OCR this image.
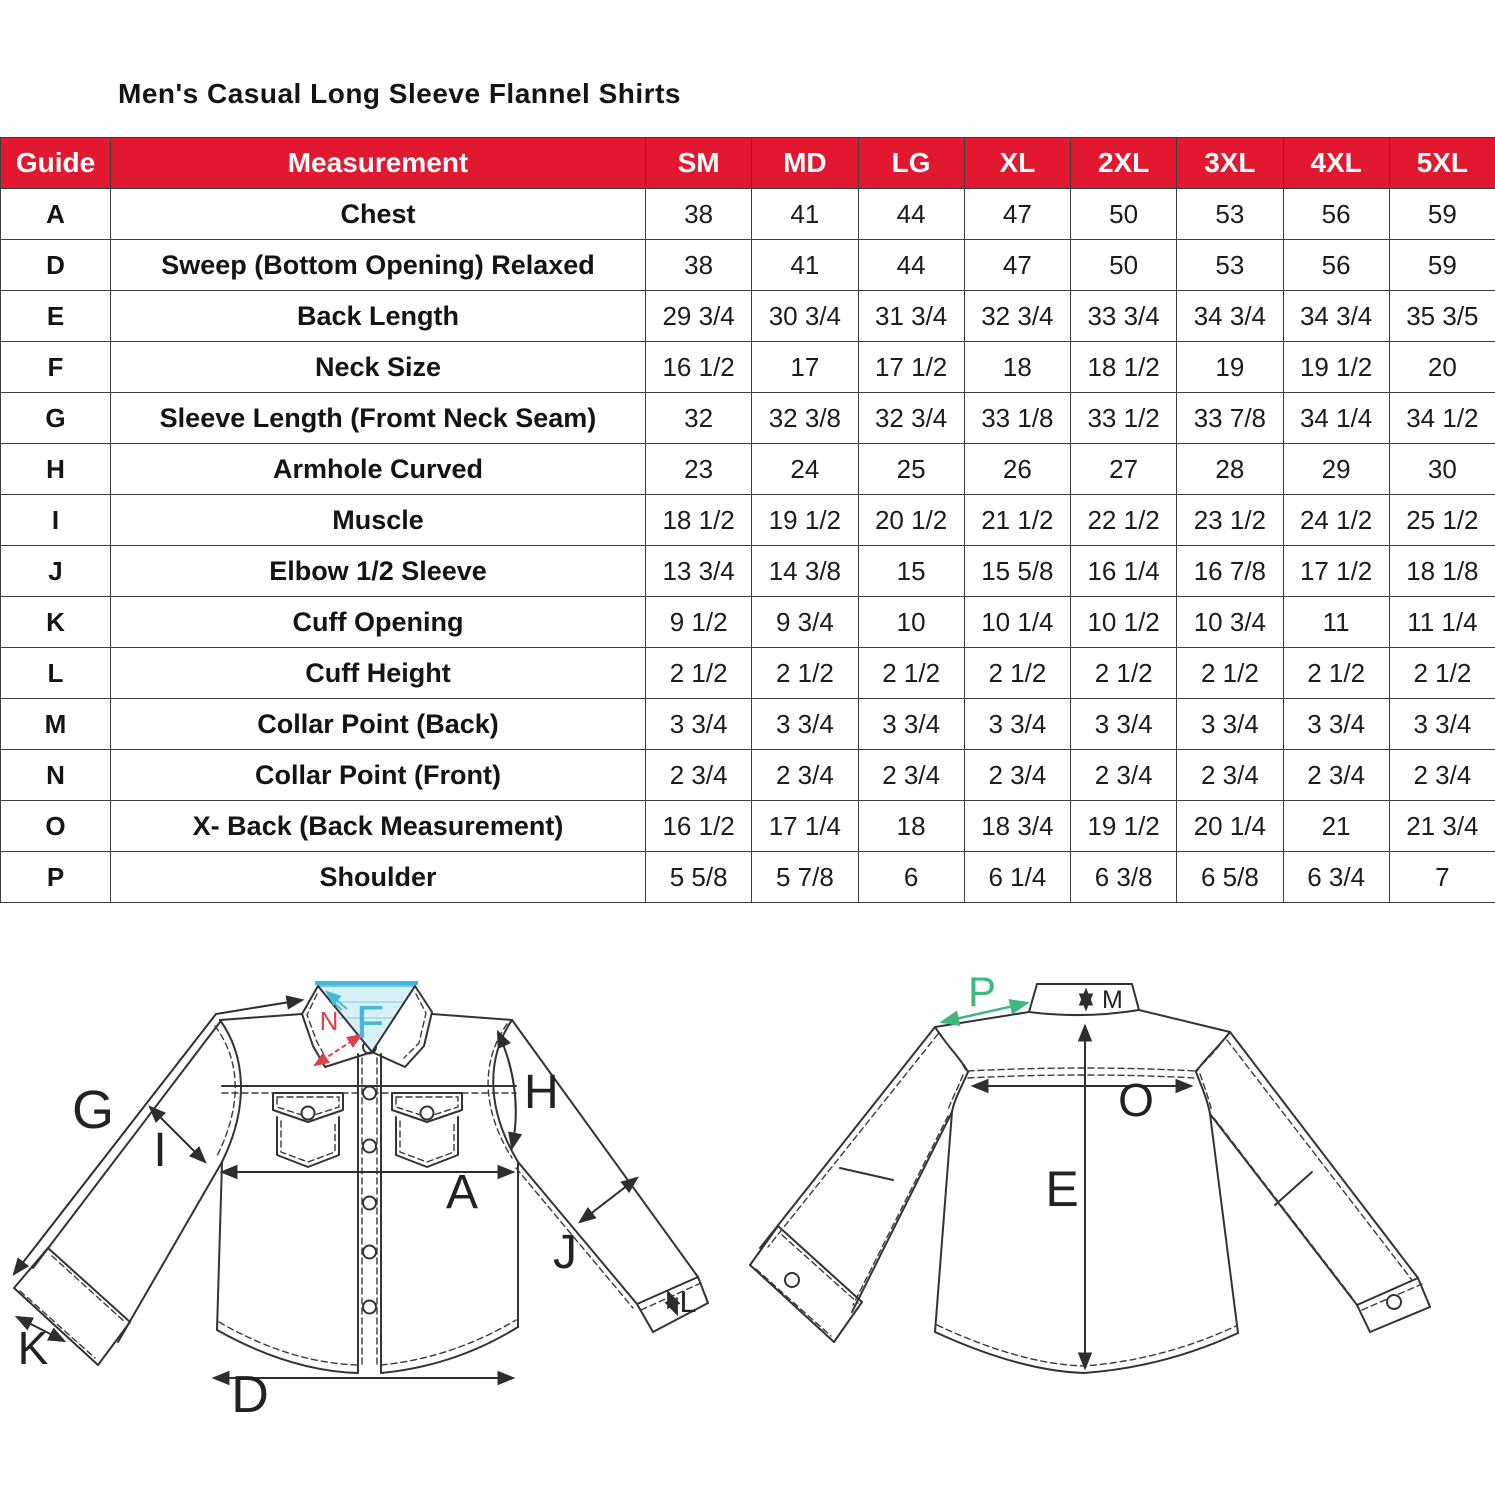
Men's Casual Long Sleeve Flannel Shirts
Guide	Measurement	SM	MD	LG	XL	2XL	3XL	4XL	5XL
A	Chest	38	41	44	47	50	53	56	59
D	Sweep (Bottom Opening) Relaxed	38	41	44	47	50	53	56	59
E	Back Length	29 3/4	30 3/4	31 3/4	32 3/4	33 3/4	34 3/4	34 3/4	35 3/5
F	Neck Size	16 1/2	17	17 1/2	18	18 1/2	19	19 1/2	20
G	Sleeve Length (Fromt Neck Seam)	32	32 3/8	32 3/4	33 1/8	33 1/2	33 7/8	34 1/4	34 1/2
H	Armhole Curved	23	24	25	26	27	28	29	30
I	Muscle	18 1/2	19 1/2	20 1/2	21 1/2	22 1/2	23 1/2	24 1/2	25 1/2
J	Elbow 1/2 Sleeve	13 3/4	14 3/8	15	15 5/8	16 1/4	16 7/8	17 1/2	18 1/8
K	Cuff Opening	9 1/2	9 3/4	10	10 1/4	10 1/2	10 3/4	11	11 1/4
L	Cuff Height	2 1/2	2 1/2	2 1/2	2 1/2	2 1/2	2 1/2	2 1/2	2 1/2
M	Collar Point (Back)	3 3/4	3 3/4	3 3/4	3 3/4	3 3/4	3 3/4	3 3/4	3 3/4
N	Collar Point (Front)	2 3/4	2 3/4	2 3/4	2 3/4	2 3/4	2 3/4	2 3/4	2 3/4
O	X- Back (Back Measurement)	16 1/2	17 1/4	18	18 3/4	19 1/2	20 1/4	21	21 3/4
P	Shoulder	5 5/8	5 7/8	6	6 1/4	6 3/8	6 5/8	6 3/4	7
G
I
F
N
H
A
J
K
L
D
M
E
O
P
